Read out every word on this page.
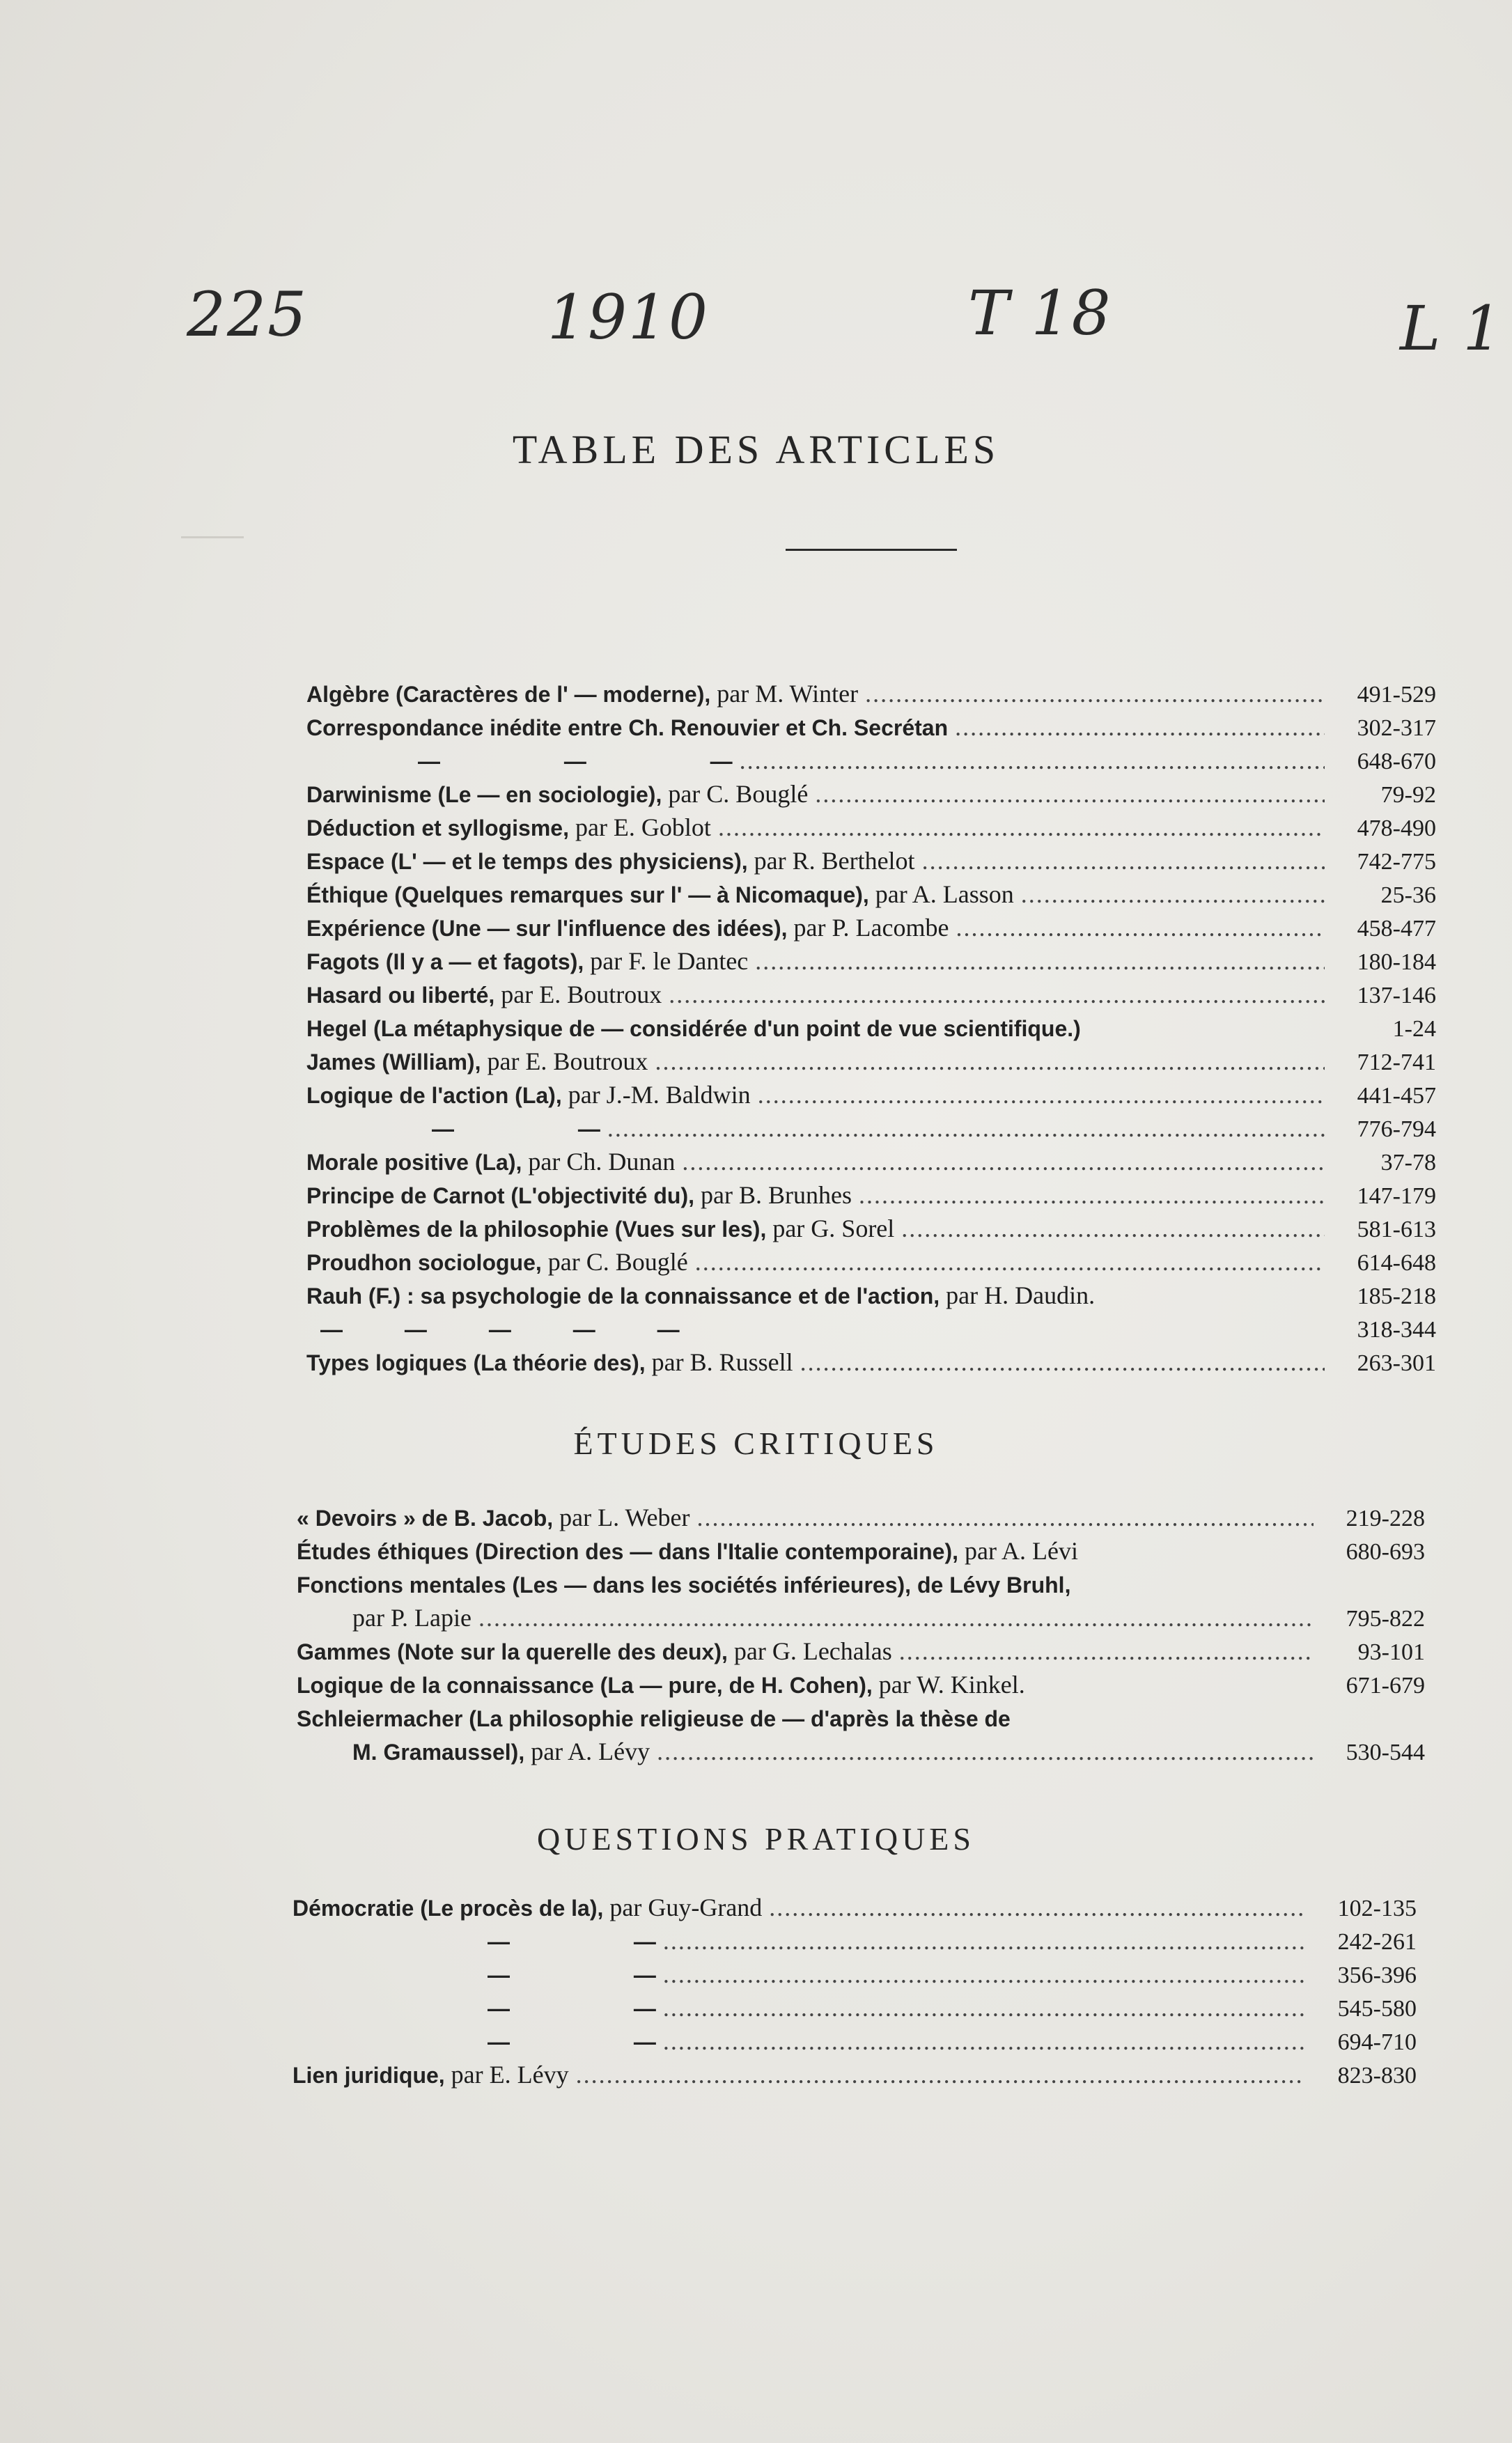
225	1910	T 18	L 1
TABLE DES ARTICLES
Algèbre (Caractères de l' — moderne), par M. Winter .....	491-529
Correspondance inédite entre Ch. Renouvier et Ch. Secrétan .....	302-317
—                    —                    — .....	648-670
Darwinisme (Le — en sociologie), par C. Bouglé .....	79-92
Déduction et syllogisme, par E. Goblot .....	478-490
Espace (L' — et le temps des physiciens), par R. Berthelot .....	742-775
Éthique (Quelques remarques sur l' — à Nicomaque), par A. Lasson .....	25-36
Expérience (Une — sur l'influence des idées), par P. Lacombe .....	458-477
Fagots (Il y a — et fagots), par F. le Dantec .....	180-184
Hasard ou liberté, par E. Boutroux .....	137-146
Hegel (La métaphysique de — considérée d'un point de vue scientifique.)	1-24
James (William), par E. Boutroux .....	712-741
Logique de l'action (La), par J.-M. Baldwin .....	441-457
—                    — .....	776-794
Morale positive (La), par Ch. Dunan .....	37-78
Principe de Carnot (L'objectivité du), par B. Brunhes .....	147-179
Problèmes de la philosophie (Vues sur les), par G. Sorel .....	581-613
Proudhon sociologue, par C. Bouglé .....	614-648
Rauh (F.) : sa psychologie de la connaissance et de l'action, par H. Daudin.	185-218
—          —          —          —          —	318-344
Types logiques (La théorie des), par B. Russell .....	263-301
ÉTUDES CRITIQUES
« Devoirs » de B. Jacob, par L. Weber .....	219-228
Études éthiques (Direction des — dans l'Italie contemporaine), par A. Lévi	680-693
Fonctions mentales (Les — dans les sociétés inférieures), de Lévy Bruhl,
par P. Lapie .....	795-822
Gammes (Note sur la querelle des deux), par G. Lechalas .....	93-101
Logique de la connaissance (La — pure, de H. Cohen), par W. Kinkel.	671-679
Schleiermacher (La philosophie religieuse de — d'après la thèse de
M. Gramaussel), par A. Lévy .....	530-544
QUESTIONS PRATIQUES
Démocratie (Le procès de la), par Guy-Grand .....	102-135
—                    — .....	242-261
—                    — .....	356-396
—                    — .....	545-580
—                    — .....	694-710
Lien juridique, par E. Lévy .....	823-830
